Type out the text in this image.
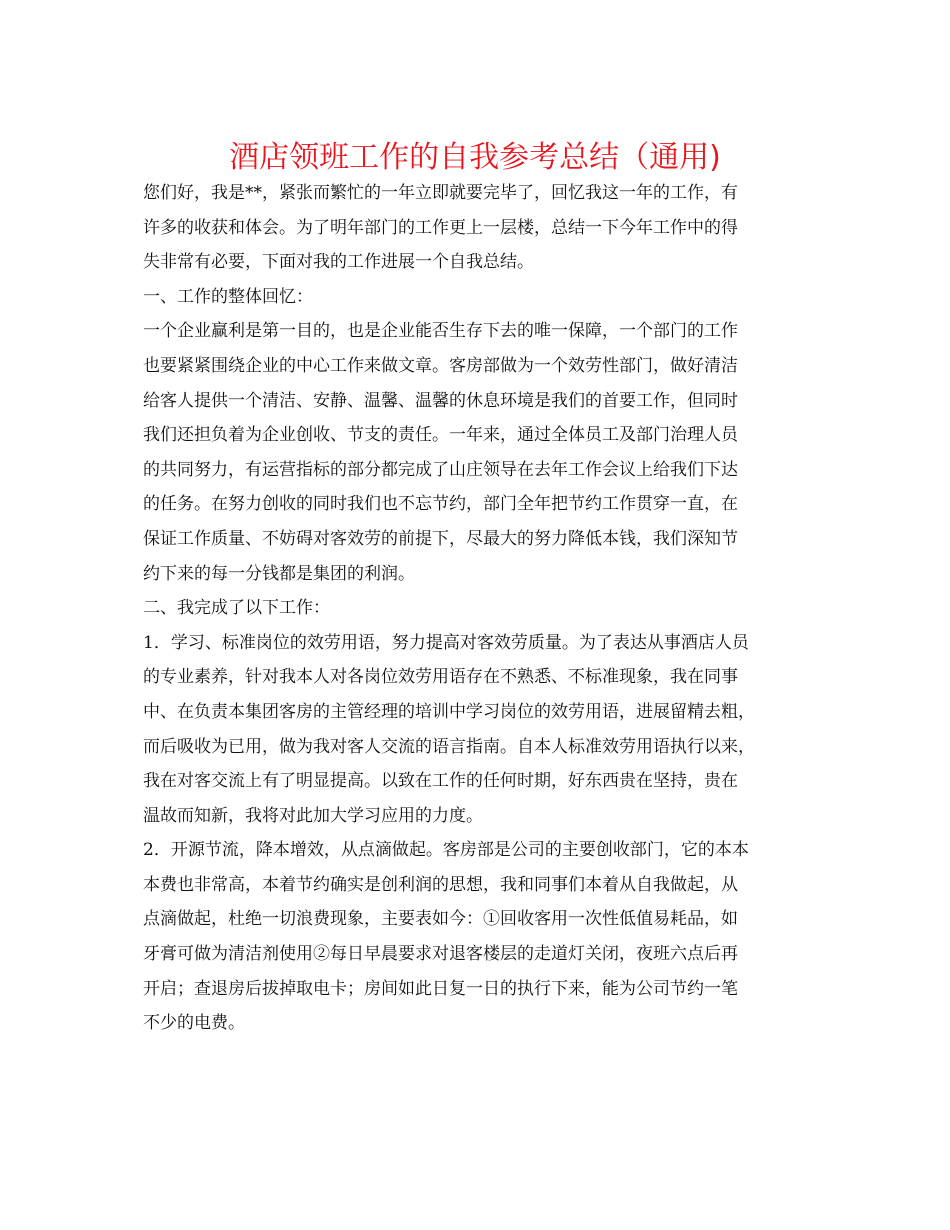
酒店领班工作的自我参考总结（通用)

您们好，我是**，紧张而繁忙的一年立即就要完毕了，回忆我这一年的工作，有

许多的收获和体会。为了明年部门的工作更上一层楼，总结一下今年工作中的得

失非常有必要，下面对我的工作进展一个自我总结。

一、工作的整体回忆：

一个企业赢利是第一目的，也是企业能否生存下去的唯一保障，一个部门的工作

也要紧紧围绕企业的中心工作来做文章。客房部做为一个效劳性部门，做好清洁

给客人提供一个清洁、安静、温馨、温馨的休息环境是我们的首要工作，但同时

我们还担负着为企业创收、节支的责任。一年来，通过全体员工及部门治理人员

的共同努力，有运营指标的部分都完成了山庄领导在去年工作会议上给我们下达

的任务。在努力创收的同时我们也不忘节约，部门全年把节约工作贯穿一直，在

保证工作质量、不妨碍对客效劳的前提下，尽最大的努力降低本钱，我们深知节

约下来的每一分钱都是集团的利润。

二、我完成了以下工作：

1．学习、标准岗位的效劳用语，努力提高对客效劳质量。为了表达从事酒店人员

的专业素养，针对我本人对各岗位效劳用语存在不熟悉、不标准现象，我在同事

中、在负责本集团客房的主管经理的培训中学习岗位的效劳用语，进展留精去粗，

而后吸收为已用，做为我对客人交流的语言指南。自本人标准效劳用语执行以来，

我在对客交流上有了明显提高。以致在工作的任何时期，好东西贵在坚持，贵在

温故而知新，我将对此加大学习应用的力度。

2．开源节流，降本增效，从点滴做起。客房部是公司的主要创收部门，它的本本

本费也非常高，本着节约确实是创利润的思想，我和同事们本着从自我做起，从

点滴做起，杜绝一切浪费现象，主要表如今：①回收客用一次性低值易耗品，如

牙膏可做为清洁剂使用②每日早晨要求对退客楼层的走道灯关闭，夜班六点后再

开启；查退房后拔掉取电卡；房间如此日复一日的执行下来，能为公司节约一笔

不少的电费。
